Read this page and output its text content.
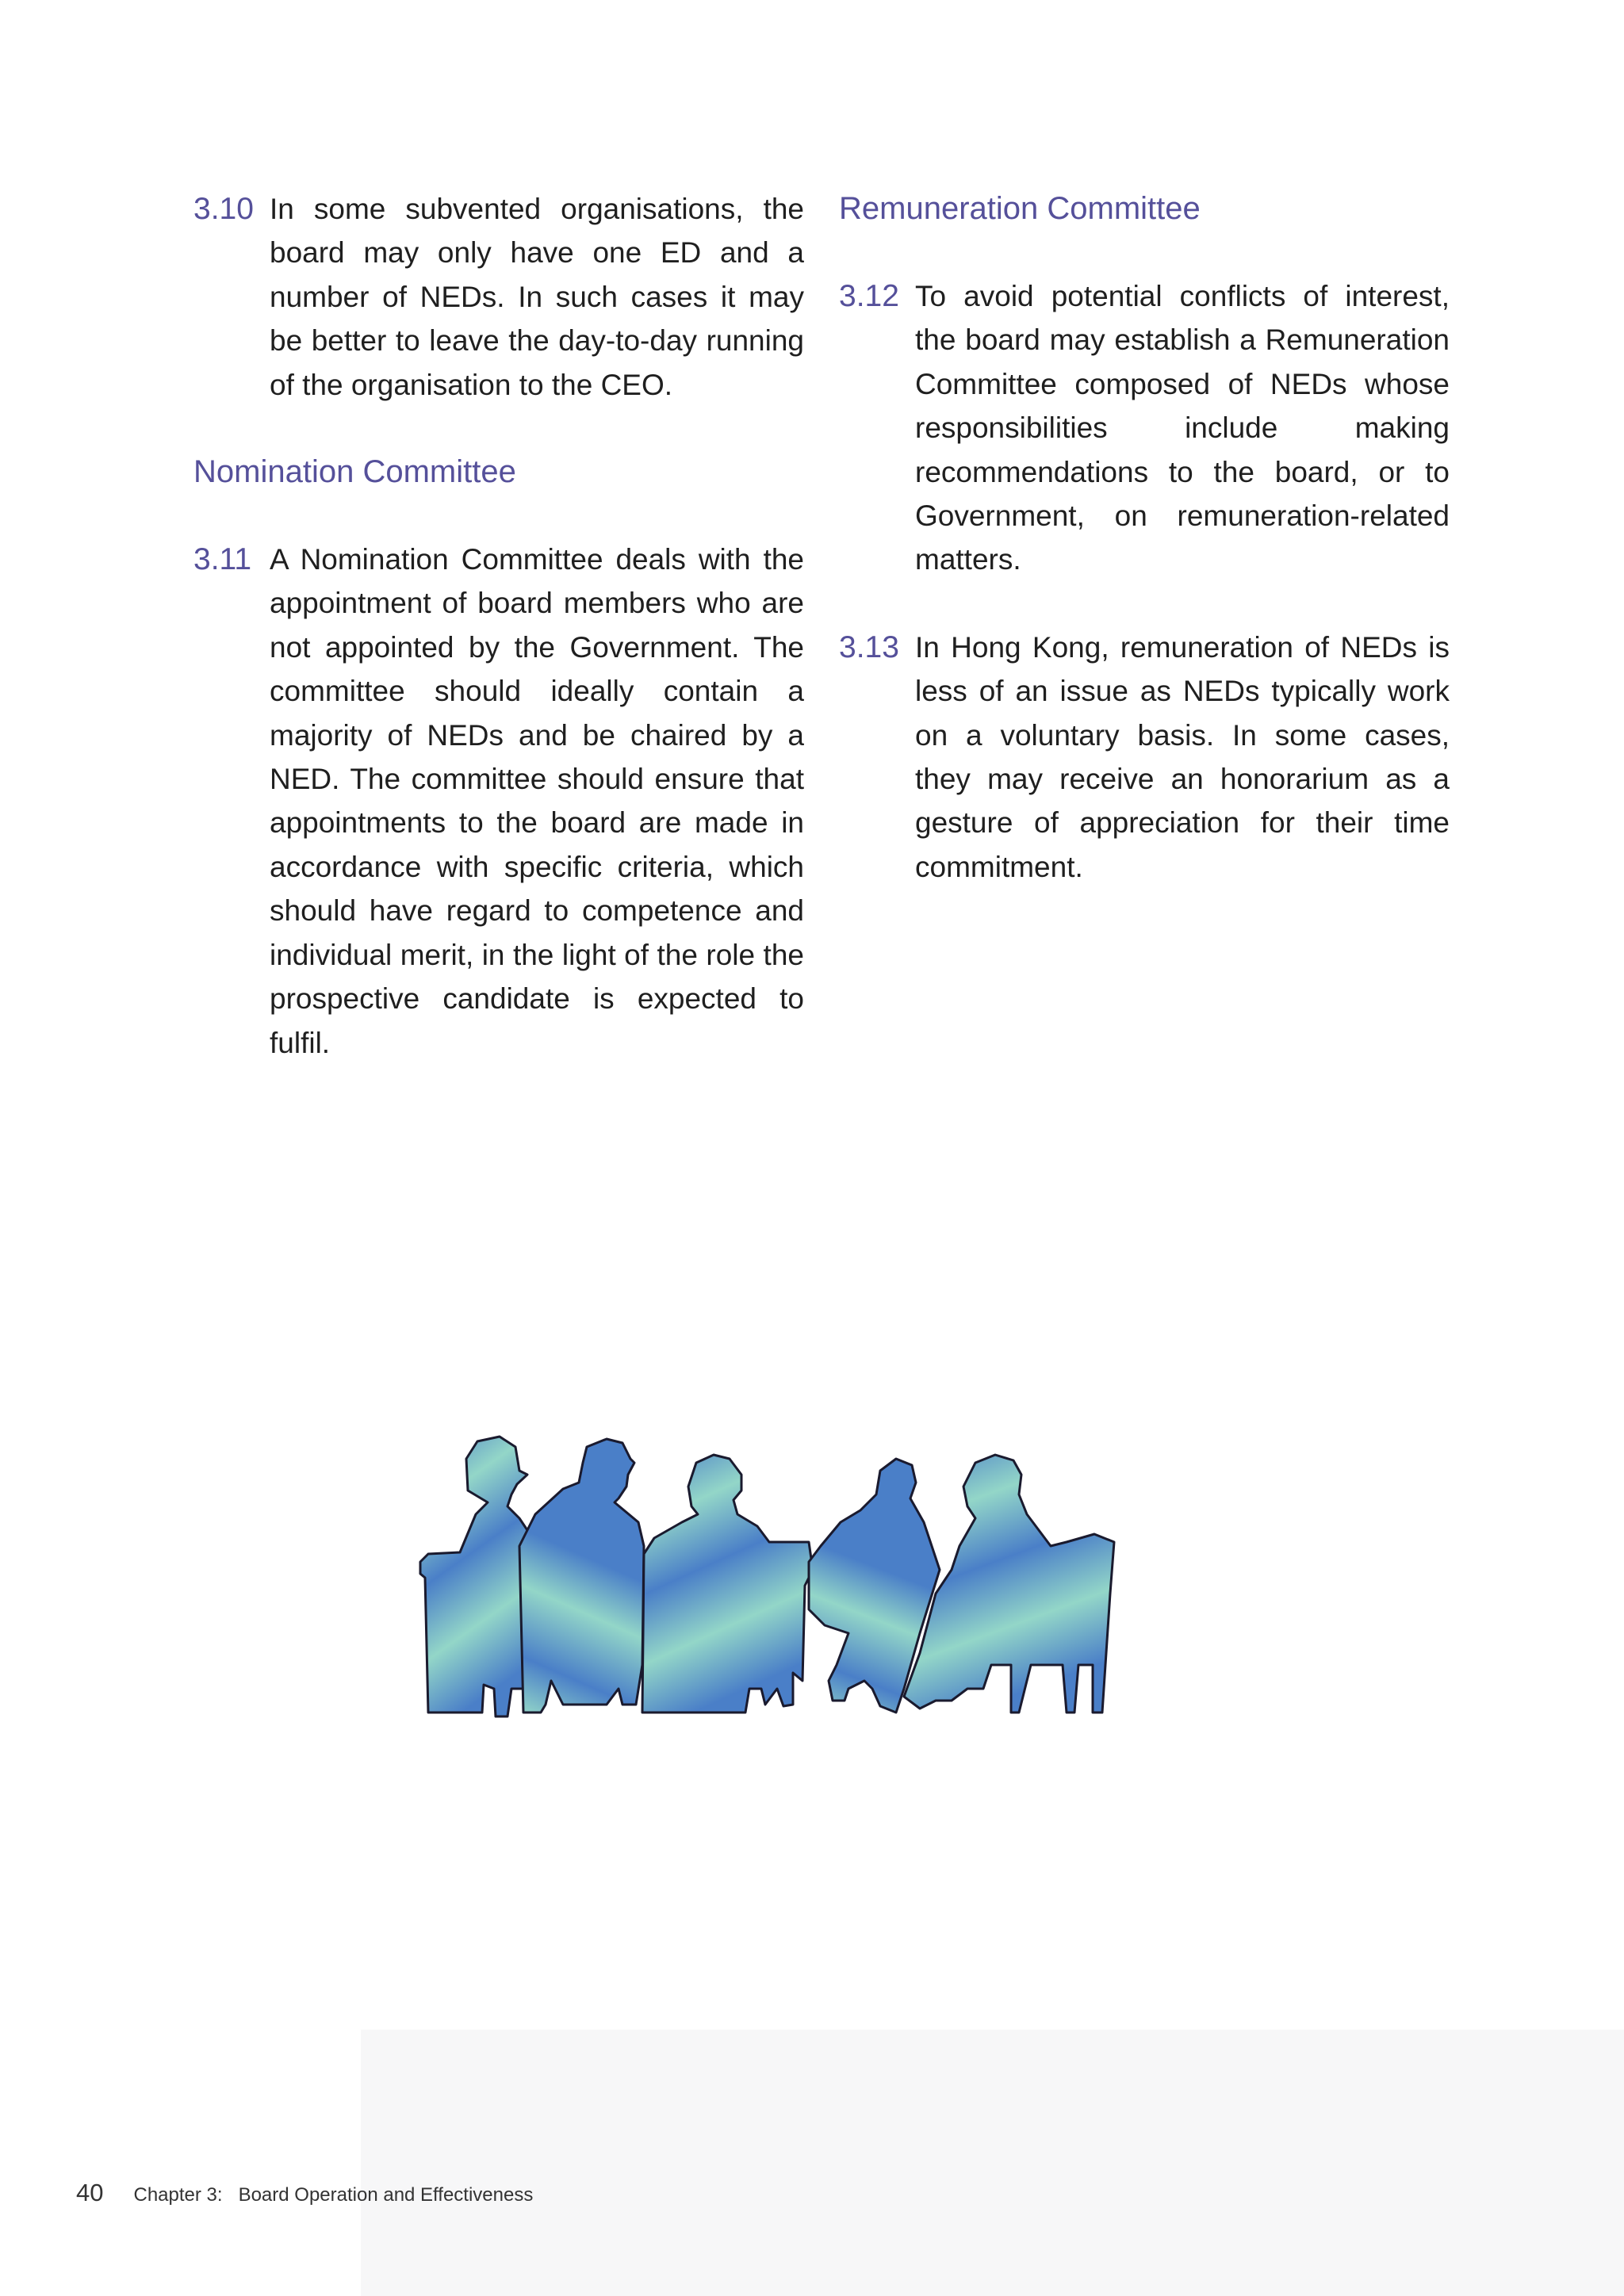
3.10 In some subvented organisations, the board may only have one ED and a number of NEDs. In such cases it may be better to leave the day-to-day running of the organisation to the CEO.
Nomination Committee
3.11 A Nomination Committee deals with the appointment of board members who are not appointed by the Government. The committee should ideally contain a majority of NEDs and be chaired by a NED. The committee should ensure that appointments to the board are made in accordance with specific criteria, which should have regard to competence and individual merit, in the light of the role the prospective candidate is expected to fulfil.
Remuneration Committee
3.12 To avoid potential conflicts of interest, the board may establish a Remuneration Committee composed of NEDs whose responsibilities include making recommendations to the board, or to Government, on remuneration-related matters.
3.13 In Hong Kong, remuneration of NEDs is less of an issue as NEDs typically work on a voluntary basis. In some cases, they may receive an honorarium as a gesture of appreciation for their time commitment.
40 Chapter 3: Board Operation and Effectiveness
